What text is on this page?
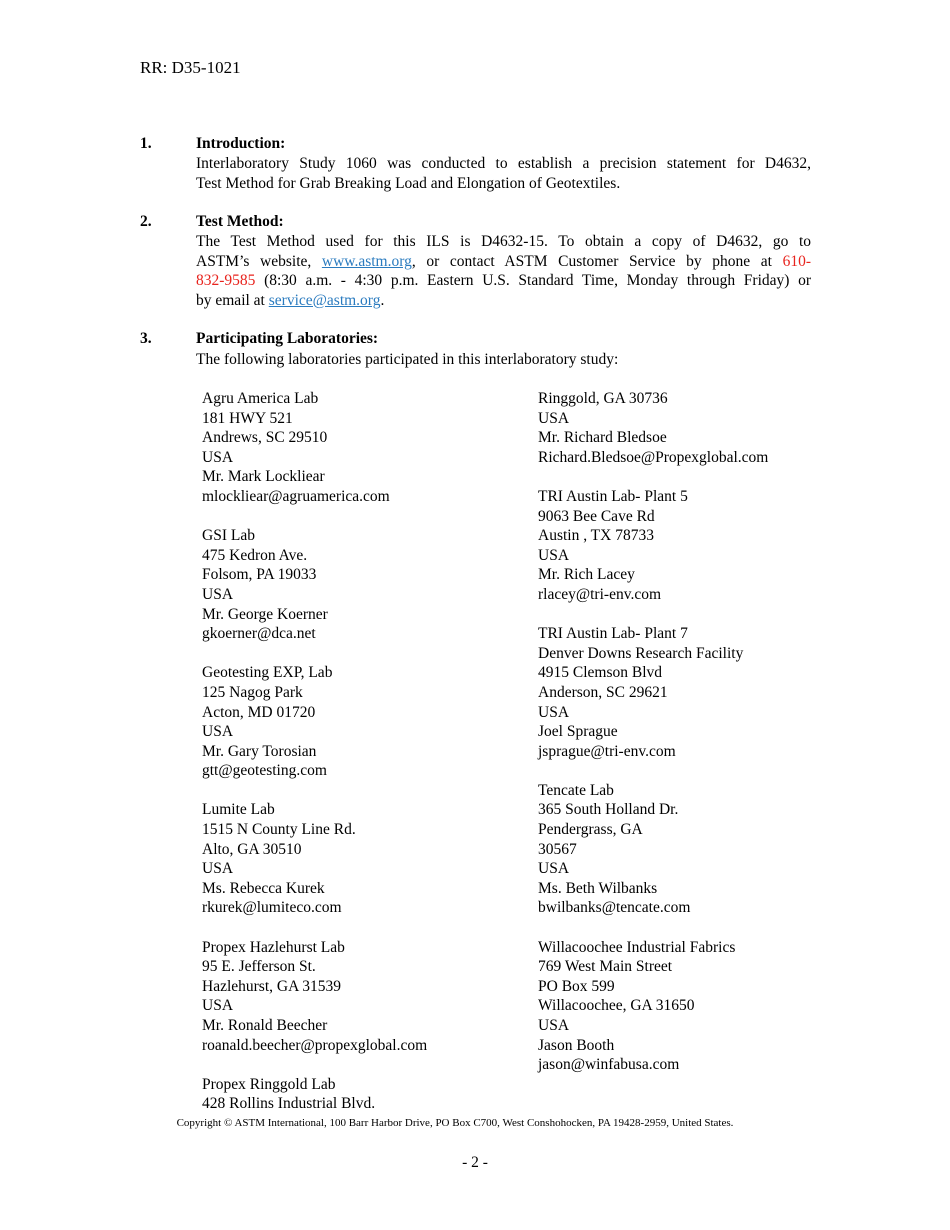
RR: D35-1021
1.	Introduction:
Interlaboratory Study 1060 was conducted to establish a precision statement for D4632,
Test Method for Grab Breaking Load and Elongation of Geotextiles.
2.	Test Method:
The Test Method used for this ILS is D4632-15. To obtain a copy of D4632, go to
ASTM’s website, www.astm.org, or contact ASTM Customer Service by phone at 610-
832-9585 (8:30 a.m. - 4:30 p.m. Eastern U.S. Standard Time, Monday through Friday) or
by email at service@astm.org.
3.	Participating Laboratories:
The following laboratories participated in this interlaboratory study:
Agru America Lab
181 HWY 521
Andrews, SC 29510
USA
Mr. Mark Lockliear
mlockliear@agruamerica.com
GSI Lab
475 Kedron Ave.
Folsom, PA 19033
USA
Mr. George Koerner
gkoerner@dca.net
Geotesting EXP, Lab
125 Nagog Park
Acton, MD 01720
USA
Mr. Gary Torosian
gtt@geotesting.com
Lumite Lab
1515 N County Line Rd.
Alto, GA 30510
USA
Ms. Rebecca Kurek
rkurek@lumiteco.com
Propex Hazlehurst Lab
95 E. Jefferson St.
Hazlehurst, GA 31539
USA
Mr. Ronald Beecher
roanald.beecher@propexglobal.com
Propex Ringgold Lab
428 Rollins Industrial Blvd.
Ringgold, GA 30736
USA
Mr. Richard Bledsoe
Richard.Bledsoe@Propexglobal.com
TRI Austin Lab- Plant 5
9063 Bee Cave Rd
Austin , TX 78733
USA
Mr. Rich Lacey
rlacey@tri-env.com
TRI Austin Lab- Plant 7
Denver Downs Research Facility
4915 Clemson Blvd
Anderson, SC 29621
USA
Joel Sprague
jsprague@tri-env.com
Tencate Lab
365 South Holland Dr.
Pendergrass, GA
30567
USA
Ms. Beth Wilbanks
bwilbanks@tencate.com
Willacoochee Industrial Fabrics
769 West Main Street
PO Box 599
Willacoochee, GA 31650
USA
Jason Booth
jason@winfabusa.com
Copyright © ASTM International, 100 Barr Harbor Drive, PO Box C700, West Conshohocken, PA 19428-2959, United States.
- 2 -
